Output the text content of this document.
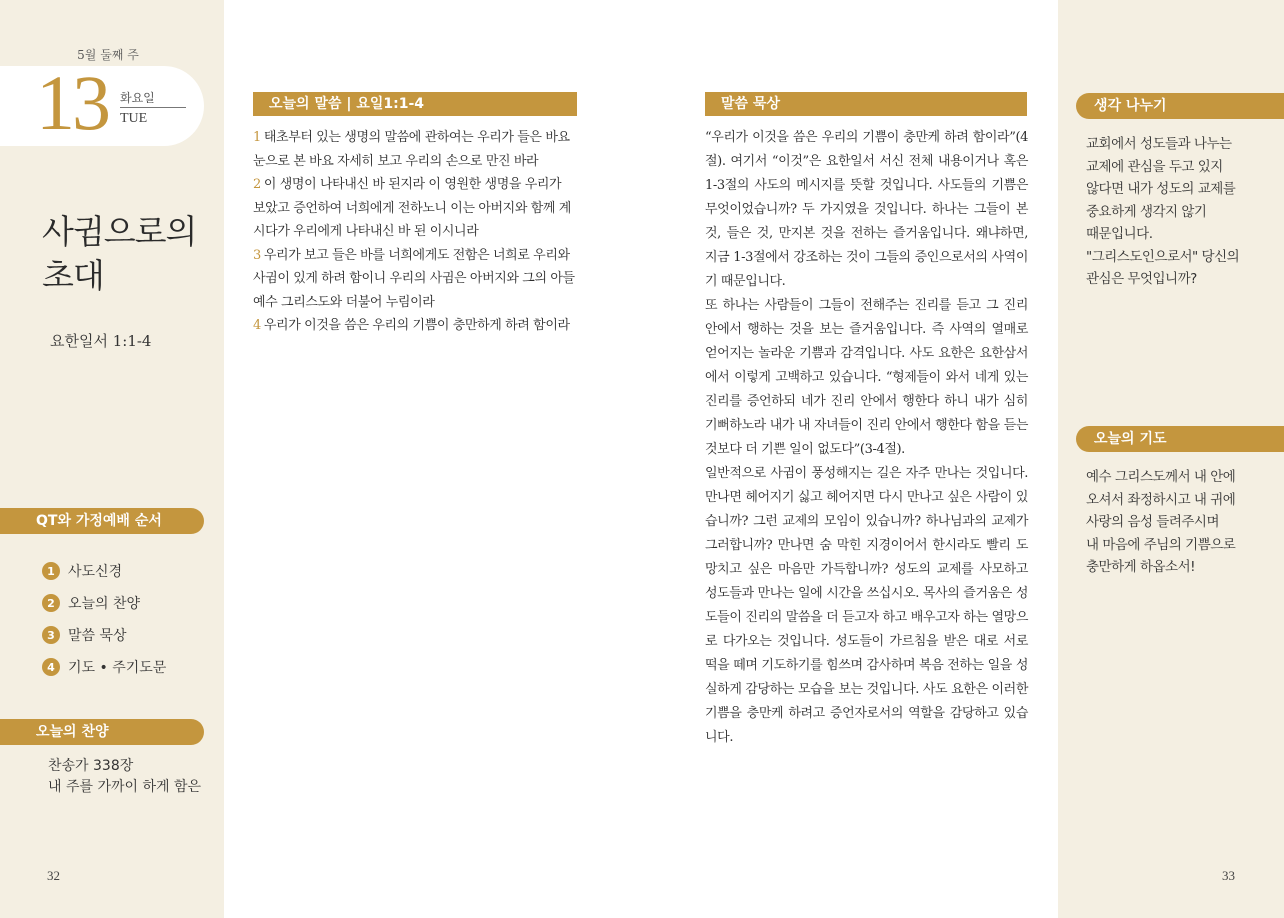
5월 둘째 주
13 화요일
TUE
사귐으로의
초대
요한일서 1:1-4
QT와 가정예배 순서
1 사도신경
2 오늘의 찬양
3 말씀 묵상
4 기도 • 주기도문
오늘의 찬양
찬송가 338장
내 주를 가까이 하게 함은
32
오늘의 말씀 | 요일1:1-4
1 태초부터 있는 생명의 말씀에 관하여는 우리가 들은 바요 눈으로 본 바요 자세히 보고 우리의 손으로 만진 바라
2 이 생명이 나타내신 바 된지라 이 영원한 생명을 우리가 보았고 증언하여 너희에게 전하노니 이는 아버지와 함께 계시다가 우리에게 나타내신 바 된 이시니라
3 우리가 보고 들은 바를 너희에게도 전함은 너희로 우리와 사귐이 있게 하려 함이니 우리의 사귐은 아버지와 그의 아들 예수 그리스도와 더불어 누림이라
4 우리가 이것을 씀은 우리의 기쁨이 충만하게 하려 함이라
말씀 묵상

“우리가 이것을 씀은 우리의 기쁨이 충만케 하려 함이라”(4절). 여기서 “이것”은 요한일서 서신 전체 내용이거나 혹은 1-3절의 사도의 메시지를 뜻할 것입니다. 사도들의 기쁨은 무엇이었습니까? 두 가지였을 것입니다. 하나는 그들이 본 것, 들은 것, 만지본 것을 전하는 즐거움입니다. 왜냐하면, 지금 1-3절에서 강조하는 것이 그들의 증인으로서의 사역이기 때문입니다.

또 하나는 사람들이 그들이 전해주는 진리를 듣고 그 진리 안에서 행하는 것을 보는 즐거움입니다. 즉 사역의 열매로 얻어지는 놀라운 기쁨과 감격입니다. 사도 요한은 요한삼서에서 이렇게 고백하고 있습니다. “형제들이 와서 네게 있는 진리를 증언하되 네가 진리 안에서 행한다 하니 내가 심히 기뻐하노라 내가 내 자녀들이 진리 안에서 행한다 함을 듣는 것보다 더 기쁜 일이 없도다”(3-4절).

일반적으로 사귐이 풍성해지는 길은 자주 만나는 것입니다. 만나면 헤어지기 싫고 헤어지면 다시 만나고 싶은 사람이 있습니까? 그런 교제의 모임이 있습니까? 하나님과의 교제가 그러합니까? 만나면 숨 막힌 지경이어서 한시라도 빨리 도망치고 싶은 마음만 가득합니까? 성도의 교제를 사모하고 성도들과 만나는 일에 시간을 쓰십시오. 목사의 즐거움은 성도들이 진리의 말씀을 더 듣고자 하고 배우고자 하는 열망으로 다가오는 것입니다. 성도들이 가르침을 받은 대로 서로 떡을 떼며 기도하기를 힘쓰며 감사하며 복음 전하는 일을 성실하게 감당하는 모습을 보는 것입니다. 사도 요한은 이러한 기쁨을 충만케 하려고 증언자로서의 역할을 감당하고 있습니다.

생각 나누기
교회에서 성도들과 나누는
교제에 관심을 두고 있지
않다면 내가 성도의 교제를
중요하게 생각지 않기
때문입니다.
"그리스도인으로서" 당신의
관심은 무엇입니까?
오늘의 기도
예수 그리스도께서 내 안에
오셔서 좌정하시고 내 귀에
사랑의 음성 들려주시며
내 마음에 주님의 기쁨으로
충만하게 하옵소서!
33
